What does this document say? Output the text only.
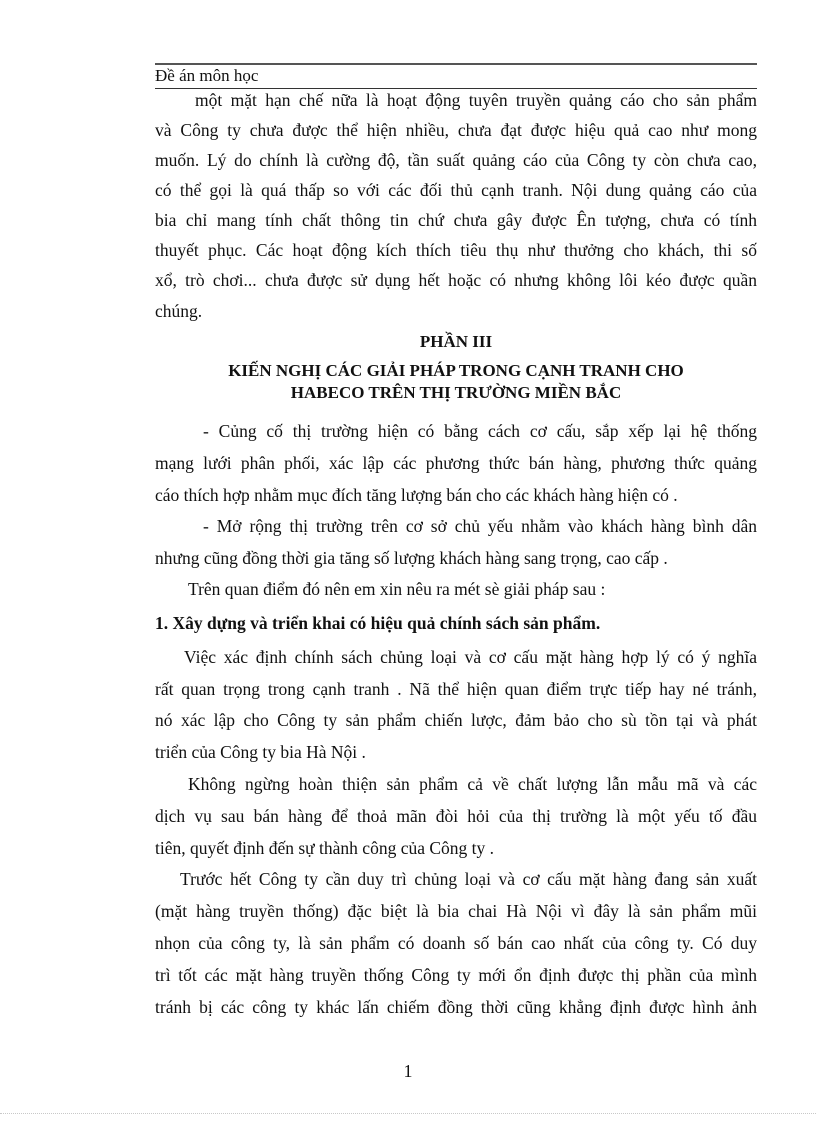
Đề án môn học
một mặt hạn chế nữa là hoạt động tuyên truyền quảng cáo cho sản phẩm
và Công ty chưa được thể hiện nhiều, chưa đạt được hiệu quả cao như mong
muốn. Lý do chính là cường độ, tần suất quảng cáo của Công ty còn chưa cao,
có thể gọi là quá thấp so với các đối thủ cạnh tranh. Nội dung quảng cáo của
bia chỉ mang tính chất thông tin chứ chưa gây được Ên tượng, chưa có tính
thuyết phục. Các hoạt động kích thích tiêu thụ như thưởng cho khách, thi số
xổ, trò chơi... chưa được sử dụng hết hoặc có nhưng không lôi kéo được quần
chúng.
PHẦN III
KIẾN NGHỊ CÁC GIẢI PHÁP TRONG CẠNH TRANH CHO
HABECO TRÊN THỊ TRƯỜNG MIỀN BẮC
- Củng cố thị trường hiện có bằng cách cơ cấu, sắp xếp lại hệ thống
mạng lưới phân phối, xác lập các phương thức bán hàng, phương thức quảng
cáo thích hợp nhằm mục đích tăng lượng bán cho các khách hàng hiện có .
- Mở rộng thị trường trên cơ sở chủ yếu nhằm vào khách hàng bình dân
nhưng cũng đồng thời gia tăng số lượng khách hàng sang trọng, cao cấp .
Trên quan điểm đó nên em xin nêu ra mét sè giải pháp sau :
1. Xây dựng và triển khai có hiệu quả chính sách sản phẩm.
Việc xác định chính sách chủng loại và cơ cấu mặt hàng hợp lý có ý nghĩa
rất quan trọng trong cạnh tranh . Nã thể hiện quan điểm trực tiếp hay né tránh,
nó xác lập cho Công ty sản phẩm chiến lược, đảm bảo cho sù tồn tại và phát
triển của Công ty bia Hà Nội .
Không ngừng hoàn thiện sản phẩm cả về chất lượng lẫn mẫu mã và các
dịch vụ sau bán hàng để thoả mãn đòi hỏi của thị trường là một yếu tố đầu
tiên, quyết định đến sự thành công của Công ty .
Trước hết Công ty cần duy trì chủng loại và cơ cấu mặt hàng đang sản xuất
(mặt hàng truyền thống) đặc biệt là bia chai Hà Nội vì đây là sản phẩm mũi
nhọn của công ty, là sản phẩm có doanh số bán cao nhất của công ty. Có duy
trì tốt các mặt hàng truyền thống Công ty mới ổn định được thị phần của mình
tránh bị các công ty khác lấn chiếm đồng thời cũng khẳng định được hình ảnh
1
